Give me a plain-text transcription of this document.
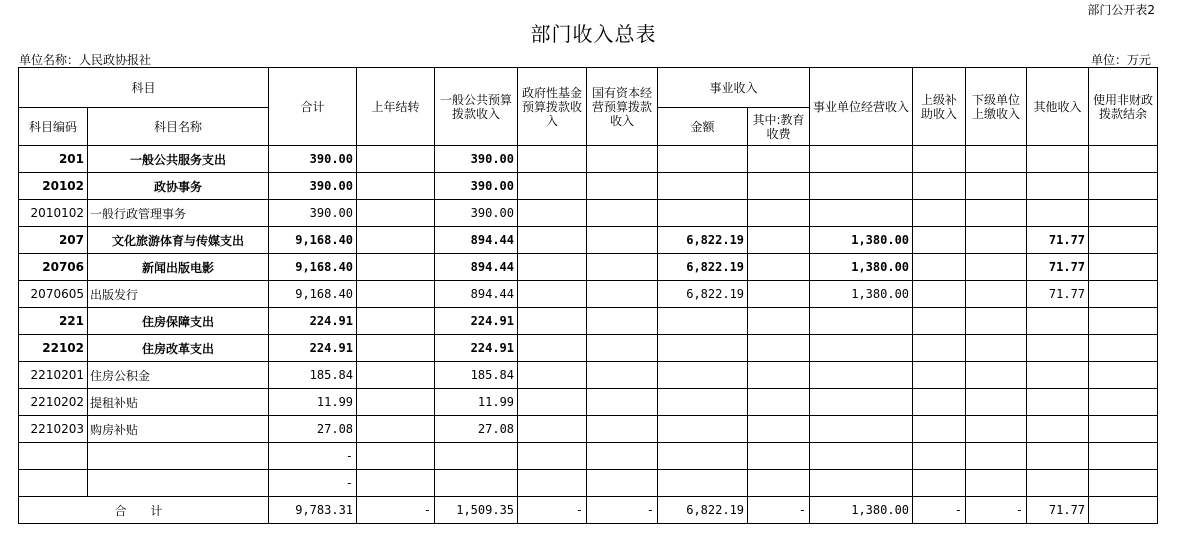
部门公开表2
部门收入总表
单位名称：人民政协报社	单位：万元
科目		合计	上年结转	一般公共预算拨款收入	政府性基金预算拨款收入	国有资本经营预算拨款收入	事业收入		事业单位经营收入	上级补助收入	下级单位上缴收入	其他收入	使用非财政拨款结余
科目编码	科目名称						金额	其中:教育收费					
201	一般公共服务支出	390.00		390.00									
20102	政协事务	390.00		390.00									
2010102	一般行政管理事务	390.00		390.00									
207	文化旅游体育与传媒支出	9,168.40		894.44			6,822.19		1,380.00			71.77	
20706	新闻出版电影	9,168.40		894.44			6,822.19		1,380.00			71.77	
2070605	出版发行	9,168.40		894.44			6,822.19		1,380.00			71.77	
221	住房保障支出	224.91		224.91									
22102	住房改革支出	224.91		224.91									
2210201	住房公积金	185.84		185.84									
2210202	提租补贴	11.99		11.99									
2210203	购房补贴	27.08		27.08									
		-											
		-											
合 计		9,783.31	-	1,509.35	-	-	6,822.19	-	1,380.00	-	-	71.77	
